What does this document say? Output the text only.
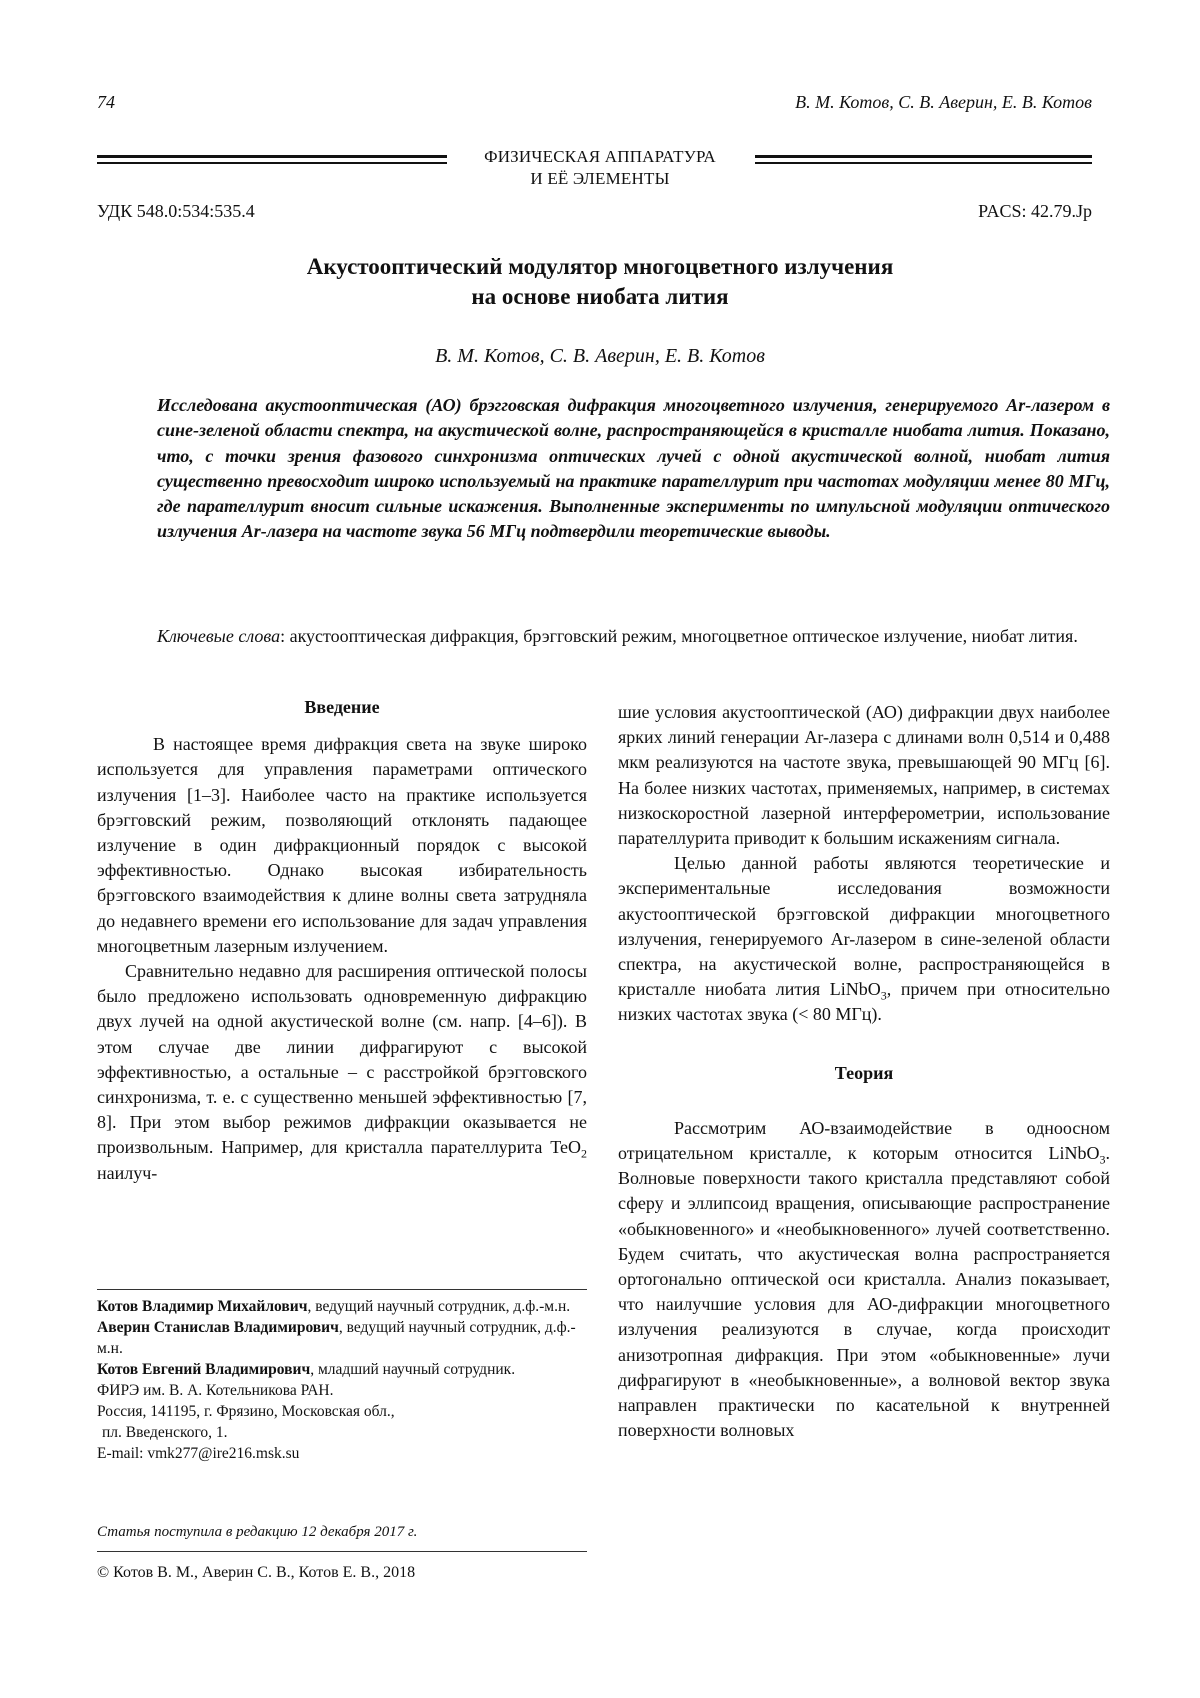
74	В. М. Котов, С. В. Аверин, Е. В. Котов
ФИЗИЧЕСКАЯ АППАРАТУРА
И ЕЁ ЭЛЕМЕНТЫ
УДК 548.0:534:535.4	PACS: 42.79.Jp
Акустооптический модулятор многоцветного излучения
на основе ниобата лития
В. М. Котов, С. В. Аверин, Е. В. Котов
Исследована акустооптическая (АО) брэгговская дифракция многоцветного излучения, генерируемого Ar-лазером в сине-зеленой области спектра, на акустической волне, распространяющейся в кристалле ниобата лития. Показано, что, с точки зрения фазового синхронизма оптических лучей с одной акустической волной, ниобат лития существенно превосходит широко используемый на практике парателлурит при частотах модуляции менее 80 МГц, где парателлурит вносит сильные искажения. Выполненные эксперименты по импульсной модуляции оптического излучения Ar-лазера на частоте звука 56 МГц подтвердили теоретические выводы.
Ключевые слова: акустооптическая дифракция, брэгговский режим, многоцветное оптическое излучение, ниобат лития.
Введение

В настоящее время дифракция света на звуке широко используется для управления параметрами оптического излучения [1–3]. Наиболее часто на практике используется брэгговский режим, позволяющий отклонять падающее излучение в один дифракционный порядок с высокой эффективностью. Однако высокая избирательность брэгговского взаимодействия к длине волны света затрудняла до недавнего времени его использование для задач управления многоцветным лазерным излучением.

Сравнительно недавно для расширения оптической полосы было предложено использовать одновременную дифракцию двух лучей на одной акустической волне (см. напр. [4–6]). В этом случае две линии дифрагируют с высокой эффективностью, а остальные – с расстройкой брэгговского синхронизма, т. е. с существенно меньшей эффективностью [7, 8]. При этом выбор режимов дифракции оказывается не произвольным. Например, для кристалла парателлурита TeO$_2$ наилуч-

Котов Владимир Михайлович, ведущий научный сотрудник, д.ф.-м.н.
Аверин Станислав Владимирович, ведущий научный сотрудник, д.ф.-м.н.
Котов Евгений Владимирович, младший научный сотрудник.
ФИРЭ им. В. А. Котельникова РАН.
Россия, 141195, г. Фрязино, Московская обл.,
пл. Введенского, 1.
E-mail: vmk277@ire216.msk.su
Статья поступила в редакцию 12 декабря 2017 г.
© Котов В. М., Аверин С. В., Котов Е. В., 2018

шие условия акустооптической (АО) дифракции двух наиболее ярких линий генерации Ar-лазера с длинами волн 0,514 и 0,488 мкм реализуются на частоте звука, превышающей 90 МГц [6]. На более низких частотах, применяемых, например, в системах низкоскоростной лазерной интерферометрии, использование парателлурита приводит к большим искажениям сигнала.

Целью данной работы являются теоретические и экспериментальные исследования возможности акустооптической брэгговской дифракции многоцветного излучения, генерируемого Ar-лазером в сине-зеленой области спектра, на акустической волне, распространяющейся в кристалле ниобата лития LiNbO$_3$, причем при относительно низких частотах звука (< 80 МГц).

Теория

Рассмотрим АО-взаимодействие в одноосном отрицательном кристалле, к которым относится LiNbO$_3$. Волновые поверхности такого кристалла представляют собой сферу и эллипсоид вращения, описывающие распространение «обыкновенного» и «необыкновенного» лучей соответственно. Будем считать, что акустическая волна распространяется ортогонально оптической оси кристалла. Анализ показывает, что наилучшие условия для АО-дифракции многоцветного излучения реализуются в случае, когда происходит анизотропная дифракция. При этом «обыкновенные» лучи дифрагируют в «необыкновенные», а волновой вектор звука направлен практически по касательной к внутренней поверхности волновых
